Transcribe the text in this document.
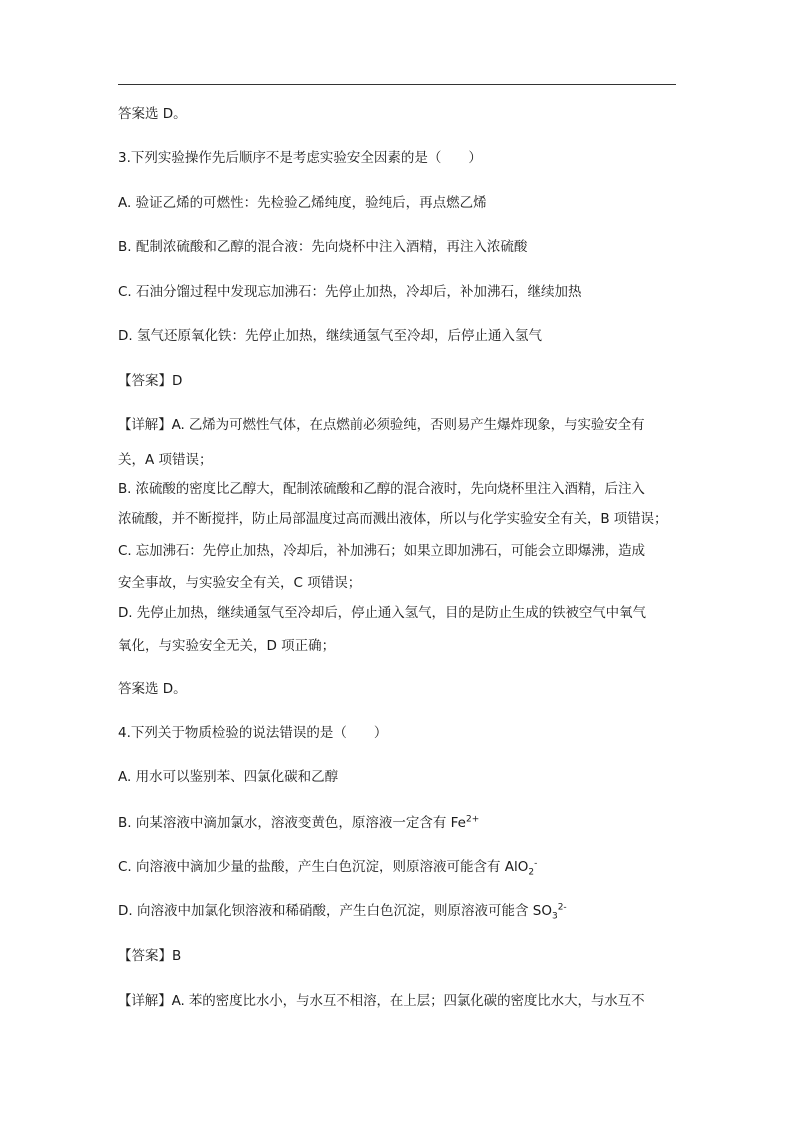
答案选 D。
3.下列实验操作先后顺序不是考虑实验安全因素的是（　　）
A. 验证乙烯的可燃性：先检验乙烯纯度，验纯后，再点燃乙烯
B. 配制浓硫酸和乙醇的混合液：先向烧杯中注入酒精，再注入浓硫酸
C. 石油分馏过程中发现忘加沸石：先停止加热，冷却后，补加沸石，继续加热
D. 氢气还原氧化铁：先停止加热，继续通氢气至冷却，后停止通入氢气
【答案】D
【详解】A. 乙烯为可燃性气体，在点燃前必须验纯，否则易产生爆炸现象，与实验安全有
关，A 项错误；
B. 浓硫酸的密度比乙醇大，配制浓硫酸和乙醇的混合液时，先向烧杯里注入酒精，后注入
浓硫酸，并不断搅拌，防止局部温度过高而溅出液体，所以与化学实验安全有关，B 项错误；
C. 忘加沸石：先停止加热，冷却后，补加沸石；如果立即加沸石，可能会立即爆沸，造成
安全事故，与实验安全有关，C 项错误；
D. 先停止加热，继续通氢气至冷却后，停止通入氢气，目的是防止生成的铁被空气中氧气
氧化，与实验安全无关，D 项正确；
答案选 D。
4.下列关于物质检验的说法错误的是（　　）
A. 用水可以鉴别苯、四氯化碳和乙醇
B. 向某溶液中滴加氯水，溶液变黄色，原溶液一定含有 $Fe^{2+}$
C. 向溶液中滴加少量的盐酸，产生白色沉淀，则原溶液可能含有 AlO$_2$-
D. 向溶液中加氯化钡溶液和稀硝酸，产生白色沉淀，则原溶液可能含 $SO_3^{2-}$
【答案】B
【详解】A. 苯的密度比水小，与水互不相溶，在上层；四氯化碳的密度比水大，与水互不
